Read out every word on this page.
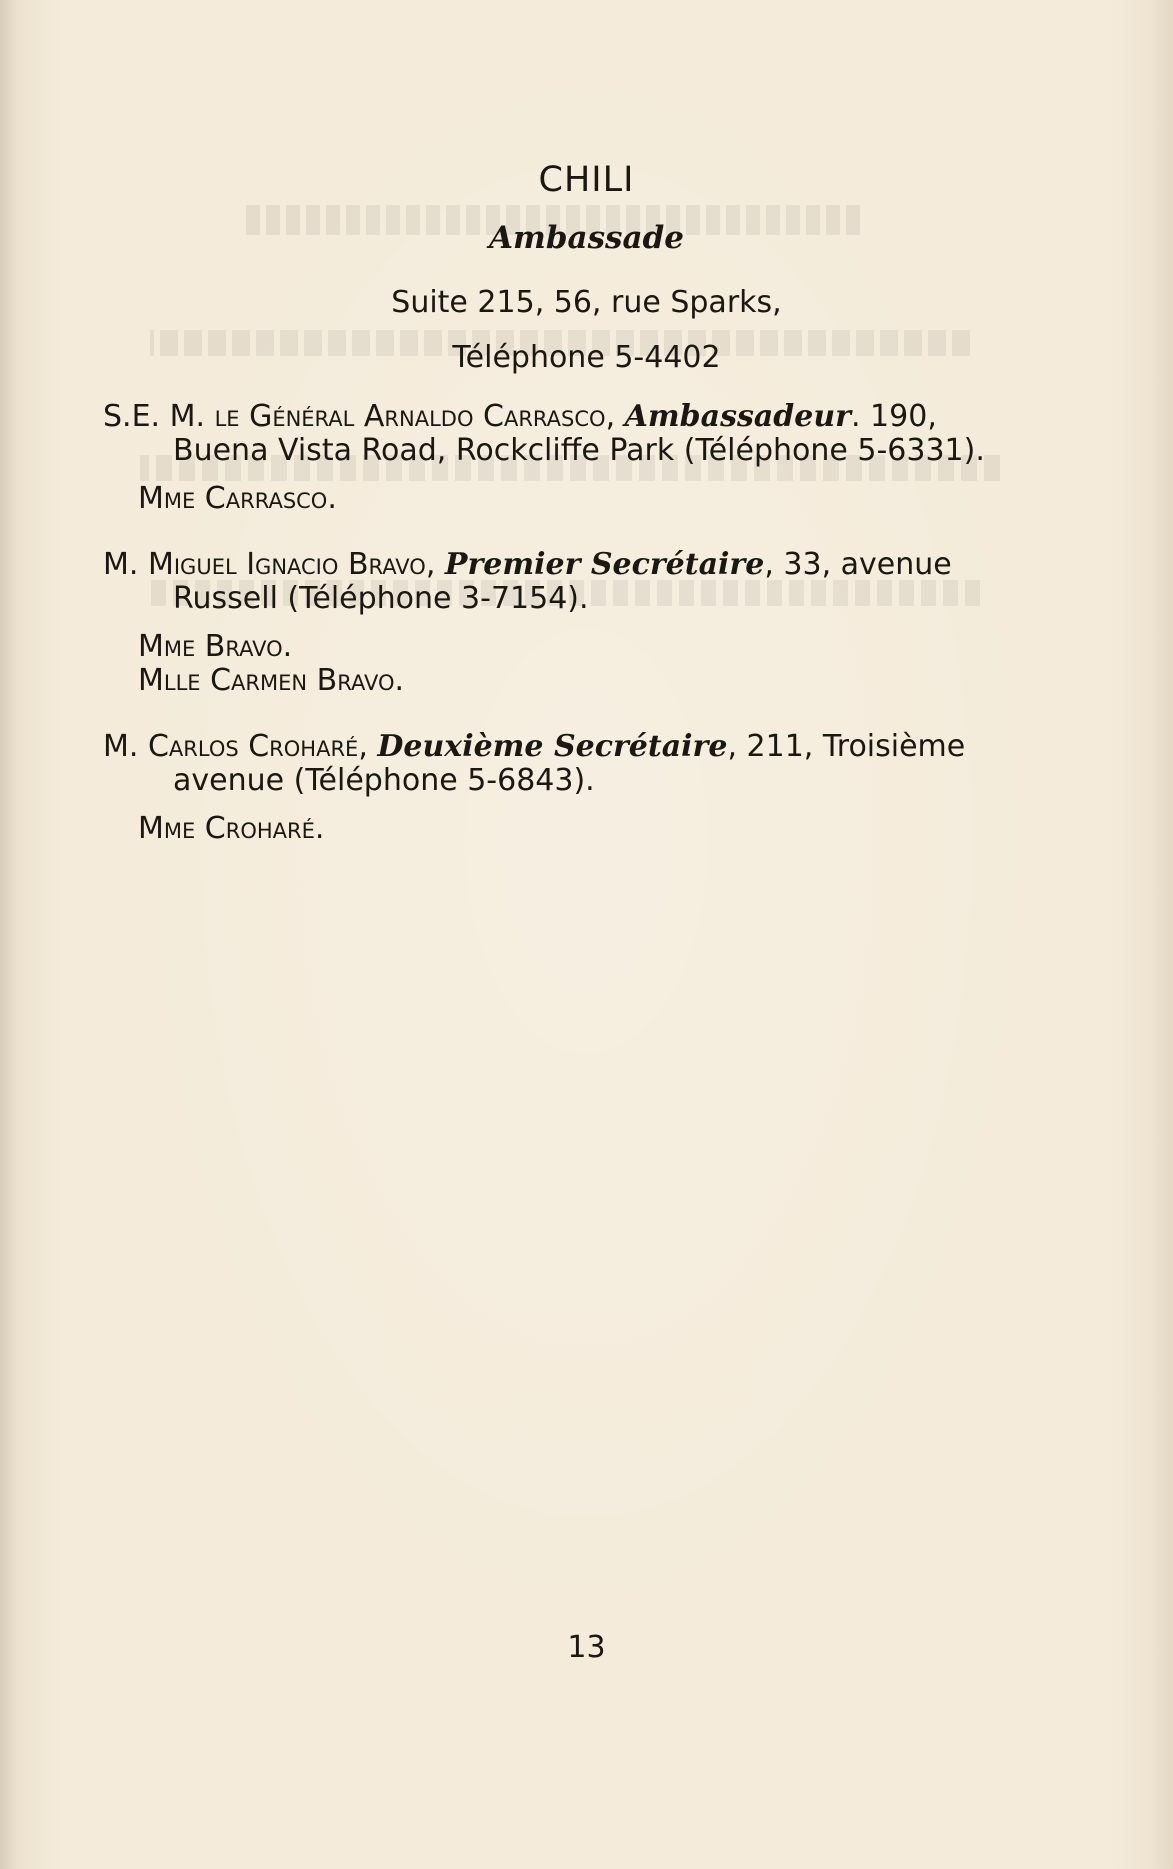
CHILI
Ambassade
Suite 215, 56, rue Sparks,
Téléphone 5-4402

S.E. M. le Général Arnaldo Carrasco, Ambassadeur. 190, Buena Vista Road, Rockcliffe Park (Téléphone 5-6331).

Mme Carrasco.

M. Miguel Ignacio Bravo, Premier Secrétaire, 33, avenue Russell (Téléphone 3-7154).

Mme Bravo.

Mlle Carmen Bravo.

M. Carlos Croharé, Deuxième Secrétaire, 211, Troisième avenue (Téléphone 5-6843).

Mme Croharé.

13
